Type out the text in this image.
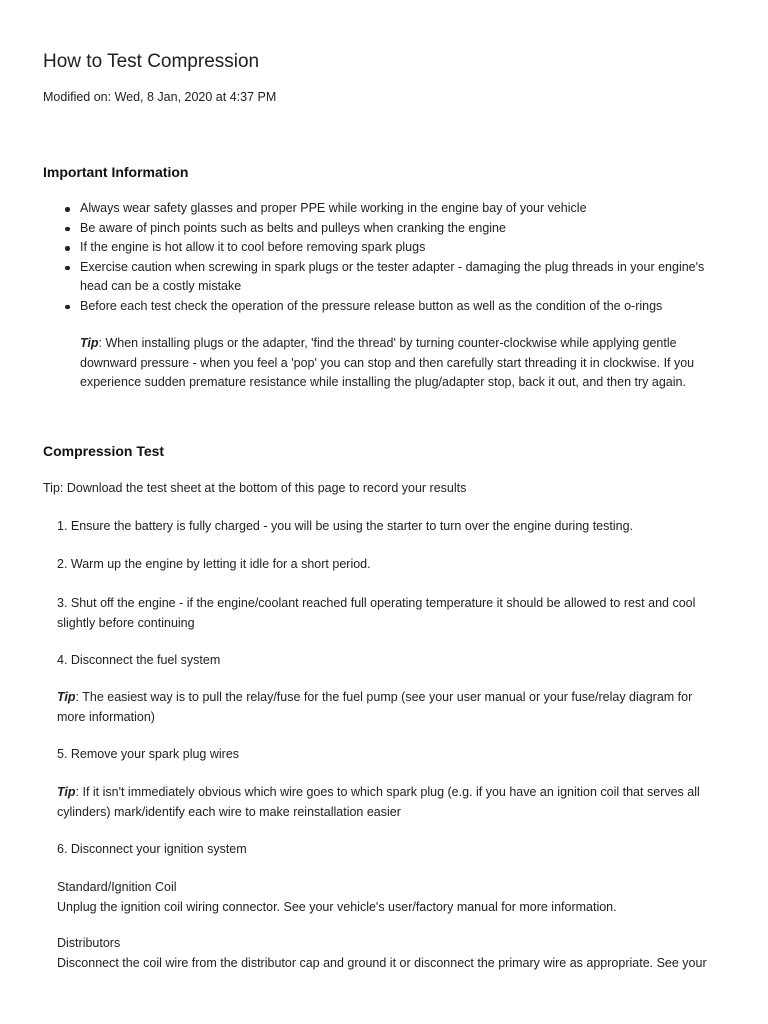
How to Test Compression
Modified on: Wed, 8 Jan, 2020 at 4:37 PM
Important Information
Always wear safety glasses and proper PPE while working in the engine bay of your vehicle
Be aware of pinch points such as belts and pulleys when cranking the engine
If the engine is hot allow it to cool before removing spark plugs
Exercise caution when screwing in spark plugs or the tester adapter - damaging the plug threads in your engine's head can be a costly mistake
Before each test check the operation of the pressure release button as well as the condition of the o-rings
Tip: When installing plugs or the adapter, 'find the thread' by turning counter-clockwise while applying gentle downward pressure - when you feel a 'pop' you can stop and then carefully start threading it in clockwise. If you experience sudden premature resistance while installing the plug/adapter stop, back it out, and then try again.
Compression Test
Tip: Download the test sheet at the bottom of this page to record your results
1. Ensure the battery is fully charged - you will be using the starter to turn over the engine during testing.
2. Warm up the engine by letting it idle for a short period.
3. Shut off the engine - if the engine/coolant reached full operating temperature it should be allowed to rest and cool slightly before continuing
4. Disconnect the fuel system
Tip: The easiest way is to pull the relay/fuse for the fuel pump (see your user manual or your fuse/relay diagram for more information)
5. Remove your spark plug wires
Tip: If it isn't immediately obvious which wire goes to which spark plug (e.g. if you have an ignition coil that serves all cylinders) mark/identify each wire to make reinstallation easier
6. Disconnect your ignition system
Standard/Ignition Coil
Unplug the ignition coil wiring connector. See your vehicle's user/factory manual for more information.
Distributors
Disconnect the coil wire from the distributor cap and ground it or disconnect the primary wire as appropriate. See your
